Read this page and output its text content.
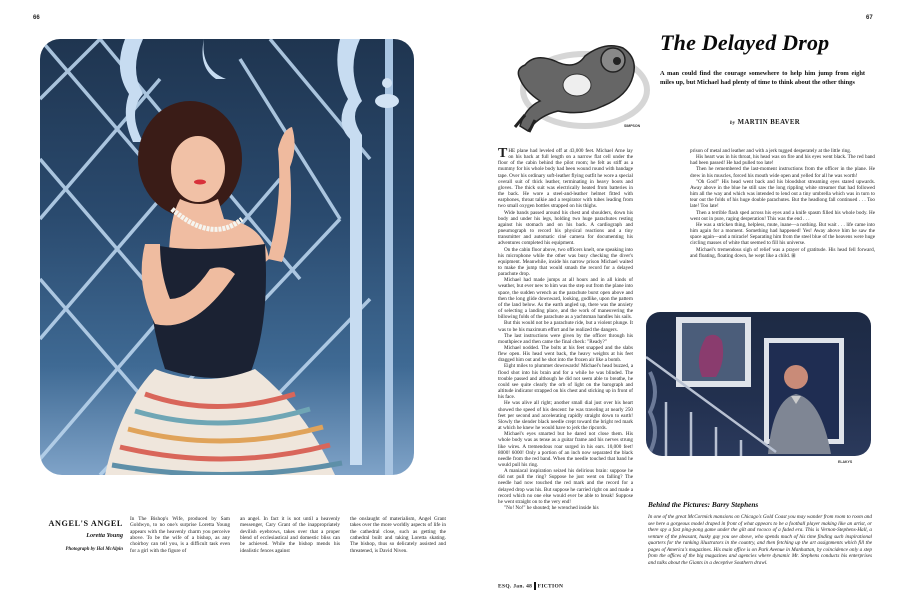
66	67
ANGEL'S ANGEL
Loretta Young
Photograph by Hal McAlpin
In The Bishop's Wife, produced by Sam Goldwyn, to no one's surprise Loretta Young appears with the heavenly charm you perceive above. To be the wife of a bishop, as any choirboy can tell you, is a difficult task even for a girl with the figure of
an angel. In fact it is not until a heavenly messenger, Cary Grant of the inappropriately devilish eyebrows, takes over that a proper blend of ecclesiastical and domestic bliss can be achieved. While the bishop mends his idealistic fences against
the onslaught of materialism, Angel Grant takes over the more worldly aspects of life in the cathedral close, such as getting the cathedral built and taking Loretta skating. The bishop, thus so delicately assisted and threatened, is David Niven.
SIMPSON
The Delayed Drop
A man could find the courage somewhere to help him jump from eight miles up, but Michael had plenty of time to think about the other things
by MARTIN BEAVER

THE plane had leveled off at 43,000 feet. Michael Arne lay on his back at full length on a narrow flat cell under the floor of the cabin behind the pilot room; he felt as stiff as a mummy for his whole body had been wound round with bandage tape. Over his ordinary soft-leather flying outfit he wore a special overall suit of thick leather, terminating in heavy boots and gloves. The thick suit was electrically heated from batteries in the back. He wore a steel-and-leather helmet fitted with earphones, throat talkie and a respirator with tubes leading from two small oxygen bottles strapped on his thighs.

Wide bands passed around his chest and shoulders, down his body and under his legs, holding two huge parachutes resting against his stomach and on his back. A cardiograph and pneumograph to record his physical reactions and a tiny transmitter and automatic ciné camera for documenting his adventures completed his equipment.

On the cabin floor above, two officers knelt, one speaking into his microphone while the other was busy checking the diver's equipment. Meanwhile, inside his narrow prison Michael waited to make the jump that would smash the record for a delayed parachute drop.

Michael had made jumps at all hours and in all kinds of weather, but ever new to him was the step out from the plane into space, the sudden wrench as the parachute burst open above and then the long glide downward, looking, godlike, upon the pattern of the land below. As the earth angled up, there was the anxiety of selecting a landing place, and the work of maneuvering the billowing folds of the parachute as a yachtsman handles his sails.

But this would not be a parachute ride, but a violent plunge. It was to be his maximum effort and he realized the dangers.

The last instructions were given by the officer through his mouthpiece and then came the final check: "Ready?"

Michael nodded. The bolts at his feet snapped and the slabs flew open. His head went back, the heavy weights at his feet dragged him out and he shot into the frozen air like a bomb.

Eight miles to plummet downwards! Michael's head buzzed, a flood shot into his brain and for a while he was blinded. The trouble passed and although he did not seem able to breathe, he could see quite clearly the orb of light on the barograph and altitude indicator strapped on his chest and sticking up in front of his face.

He was alive all right; another small dial just over his heart showed the speed of his descent: he was traveling at nearly 250 feet per second and accelerating rapidly straight down to earth! Slowly the slender black needle crept toward the bright red mark at which he knew he would have to jerk the ripcords.

Michael's eyes smarted but he dared not close them. His whole body was as tense as a guitar frame and his nerves strung like wires. A tremendous roar surged in his ears. 10,000 feet! 8000! 6000! Only a portion of an inch now separated the black needle from the red band. When the needle touched that band he would pull his ring.

A maniacal inspiration seized his delirious brain: suppose he did not pull the ring? Suppose he just went on falling? The needle had now touched the red mark and the record for a delayed drop was his. But suppose he carried right on and made a record which no one else would ever be able to break! Suppose he went straight on to the very end!

"No! No!" he shouted; he wrenched inside his

prison of metal and leather and with a jerk tugged desperately at the little ring.

His heart was in his throat, his head was on fire and his eyes went black. The red band had been passed! He had pulled too late!

Then he remembered the last-moment instructions from the officer in the plane. He drew in his muscles, forced his mouth wide open and yelled for all he was worth!

"Oh God!" His head went back and his bloodshot streaming eyes stared upwards. Away above in the blue he still saw the long rippling white streamer that had followed him all the way and which was intended to lend out a tiny umbrella which was in turn to tear out the folds of his huge double parachutes. But the headlong fall continued . . . Too late! Too late!

Then a terrible flash sped across his eyes and a knife spasm filled his whole body. He went out in pure, raging desperation! This was the end . . .

He was a stricken thing, helpless, mute, inane—a nothing. But wait . . . life came into him again for a moment. Something had happened! Yes! Away above him he saw the space again—and a miracle! Separating him from the steel blue of the heavens were huge circling masses of white that seemed to fill his universe.

Michael's tremendous sigh of relief was a prayer of gratitude. His head fell forward, and floating, floating down, he wept like a child. ⊞

ELAKYS
Behind the Pictures: Barry Stephens
In one of the great McCormick mansions on Chicago's Gold Coast you may wander from room to room and see here a gorgeous model draped in front of what appears to be a football player making like an artist, or there spy a fast ping-pong game under the gilt and rococo of a faded era. This is Vernon-Stephens-Hall, a venture of the pleasant, husky guy you see above, who spends much of his time finding such inspirational quarters for the ranking illustrators in the country, and then fetching up the art assignments which fill the pages of America's magazines. His main office is on Park Avenue in Manhattan, by coincidence only a step from the offices of the big magazines and agencies where dynamic Mr. Stephens conducts his enterprises and talks about the Giants in a deceptive Southern drawl.
ESQ. Jan. 48 FICTION
